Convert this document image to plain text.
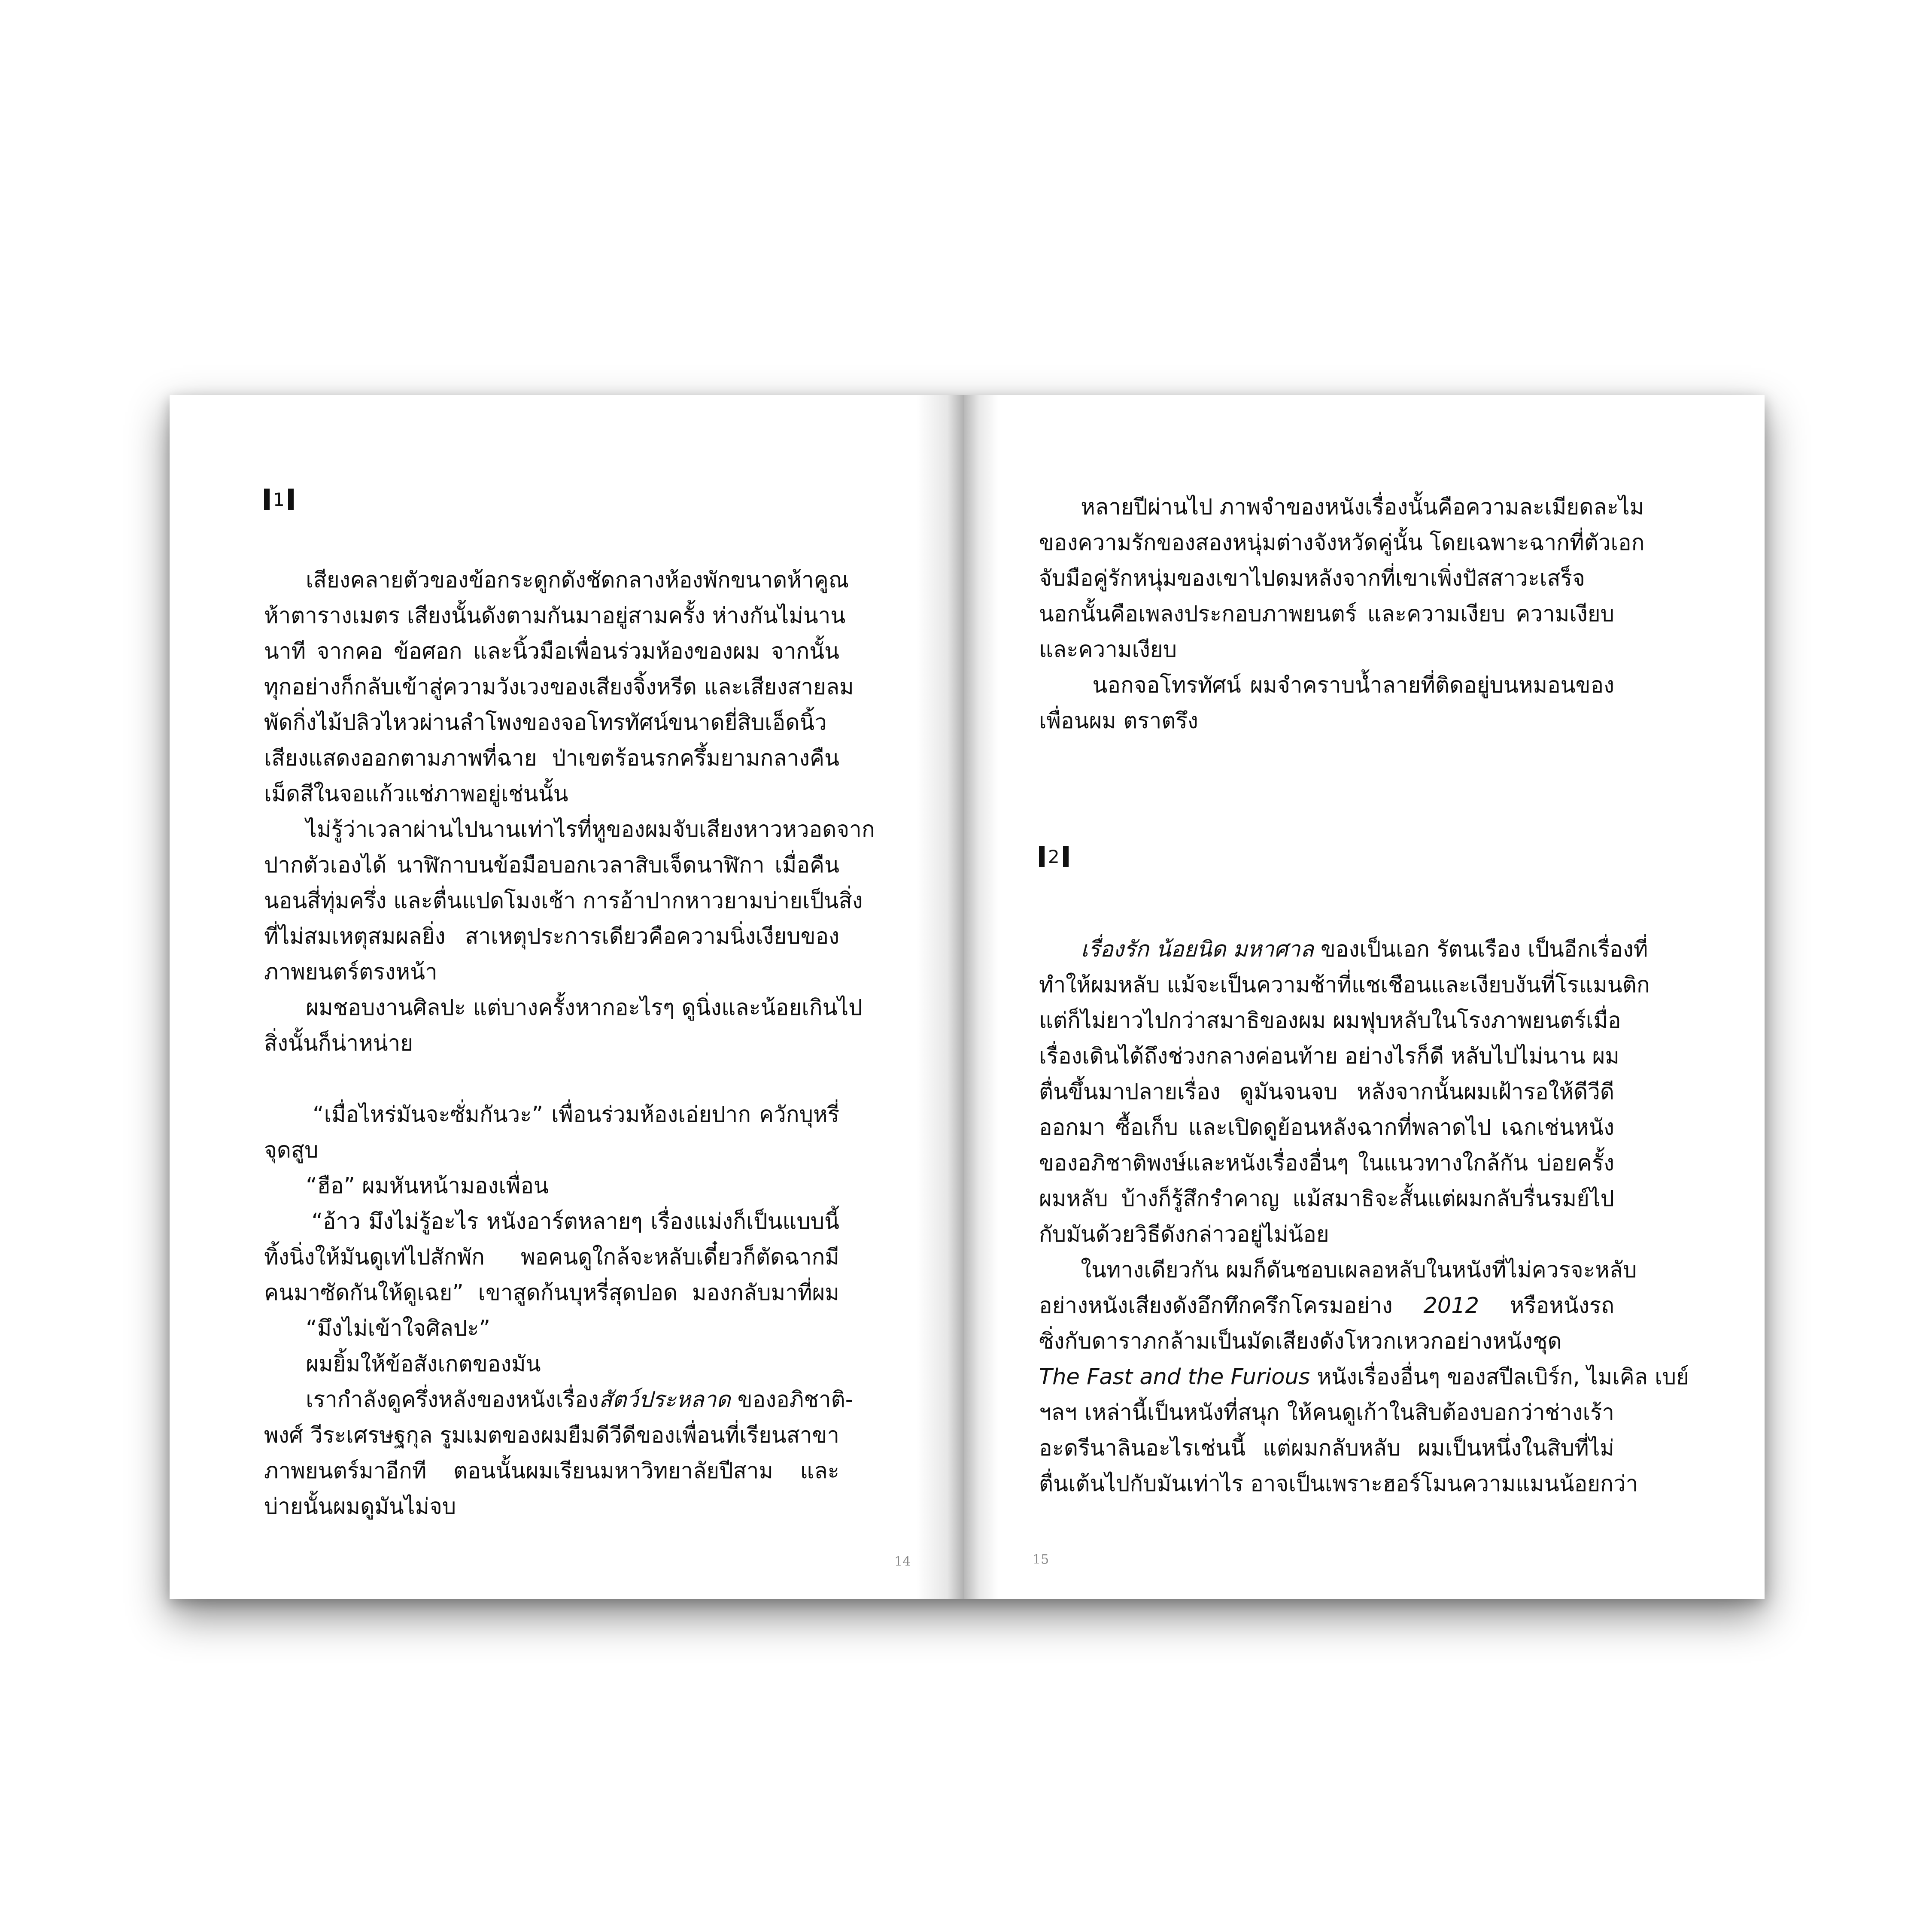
1
เสียงคลายตัวของข้อกระดูกดังชัดกลางห้องพักขนาดห้าคูณ
ห้าตารางเมตร เสียงนั้นดังตามกันมาอยู่สามครั้ง ห่างกันไม่นาน
นาที จากคอ ข้อศอก และนิ้วมือเพื่อนร่วมห้องของผม จากนั้น
ทุกอย่างก็กลับเข้าสู่ความวังเวงของเสียงจิ้งหรีด และเสียงสายลม
พัดกิ่งไม้ปลิวไหวผ่านลำโพงของจอโทรทัศน์ขนาดยี่สิบเอ็ดนิ้ว
เสียงแสดงออกตามภาพที่ฉาย ป่าเขตร้อนรกครึ้มยามกลางคืน
เม็ดสีในจอแก้วแช่ภาพอยู่เช่นนั้น
ไม่รู้ว่าเวลาผ่านไปนานเท่าไรที่หูของผมจับเสียงหาวหวอดจาก
ปากตัวเองได้ นาฬิกาบนข้อมือบอกเวลาสิบเจ็ดนาฬิกา เมื่อคืน
นอนสี่ทุ่มครึ่ง และตื่นแปดโมงเช้า การอ้าปากหาวยามบ่ายเป็นสิ่ง
ที่ไม่สมเหตุสมผลยิ่ง สาเหตุประการเดียวคือความนิ่งเงียบของ
ภาพยนตร์ตรงหน้า
ผมชอบงานศิลปะ แต่บางครั้งหากอะไรๆ ดูนิ่งและน้อยเกินไป
สิ่งนั้นก็น่าหน่าย
“เมื่อไหร่มันจะซั่มกันวะ” เพื่อนร่วมห้องเอ่ยปาก ควักบุหรี่
จุดสูบ
“ฮือ” ผมหันหน้ามองเพื่อน
“อ้าว มึงไม่รู้อะไร หนังอาร์ตหลายๆ เรื่องแม่งก็เป็นแบบนี้
ทิ้งนิ่งให้มันดูเท่ไปสักพัก พอคนดูใกล้จะหลับเดี๋ยวก็ตัดฉากมี
คนมาซัดกันให้ดูเฉย” เขาสูดก้นบุหรี่สุดปอด มองกลับมาที่ผม
“มึงไม่เข้าใจศิลปะ”
ผมยิ้มให้ข้อสังเกตของมัน
เรากำลังดูครึ่งหลังของหนังเรื่องสัตว์ประหลาด ของอภิชาติ-
พงศ์ วีระเศรษฐกุล รูมเมตของผมยืมดีวีดีของเพื่อนที่เรียนสาขา
ภาพยนตร์มาอีกที ตอนนั้นผมเรียนมหาวิทยาลัยปีสาม และ
บ่ายนั้นผมดูมันไม่จบ
14
หลายปีผ่านไป ภาพจำของหนังเรื่องนั้นคือความละเมียดละไม
ของความรักของสองหนุ่มต่างจังหวัดคู่นั้น โดยเฉพาะฉากที่ตัวเอก
จับมือคู่รักหนุ่มของเขาไปดมหลังจากที่เขาเพิ่งปัสสาวะเสร็จ
นอกนั้นคือเพลงประกอบภาพยนตร์ และความเงียบ ความเงียบ
และความเงียบ
นอกจอโทรทัศน์ ผมจำคราบน้ำลายที่ติดอยู่บนหมอนของ
เพื่อนผม ตราตรึง
2
เรื่องรัก น้อยนิด มหาศาล ของเป็นเอก รัตนเรือง เป็นอีกเรื่องที่
ทำให้ผมหลับ แม้จะเป็นความช้าที่แชเชือนและเงียบงันที่โรแมนติก
แต่ก็ไม่ยาวไปกว่าสมาธิของผม ผมฟุบหลับในโรงภาพยนตร์เมื่อ
เรื่องเดินได้ถึงช่วงกลางค่อนท้าย อย่างไรก็ดี หลับไปไม่นาน ผม
ตื่นขึ้นมาปลายเรื่อง ดูมันจนจบ หลังจากนั้นผมเฝ้ารอให้ดีวีดี
ออกมา ซื้อเก็บ และเปิดดูย้อนหลังฉากที่พลาดไป เฉกเช่นหนัง
ของอภิชาติพงษ์และหนังเรื่องอื่นๆ ในแนวทางใกล้กัน บ่อยครั้ง
ผมหลับ บ้างก็รู้สึกรำคาญ แม้สมาธิจะสั้นแต่ผมกลับรื่นรมย์ไป
กับมันด้วยวิธีดังกล่าวอยู่ไม่น้อย
ในทางเดียวกัน ผมก็ดันชอบเผลอหลับในหนังที่ไม่ควรจะหลับ
อย่างหนังเสียงดังอึกทึกครึกโครมอย่าง 2012 หรือหนังรถ
ซิ่งกับดาราภกล้ามเป็นมัดเสียงดังโหวกเหวกอย่างหนังชุด
The Fast and the Furious หนังเรื่องอื่นๆ ของสปีลเบิร์ก, ไมเคิล เบย์
ฯลฯ เหล่านี้เป็นหนังที่สนุก ให้คนดูเก้าในสิบต้องบอกว่าช่างเร้า
อะดรีนาลินอะไรเช่นนี้ แต่ผมกลับหลับ ผมเป็นหนึ่งในสิบที่ไม่
ตื่นเต้นไปกับมันเท่าไร อาจเป็นเพราะฮอร์โมนความแมนน้อยกว่า
15
